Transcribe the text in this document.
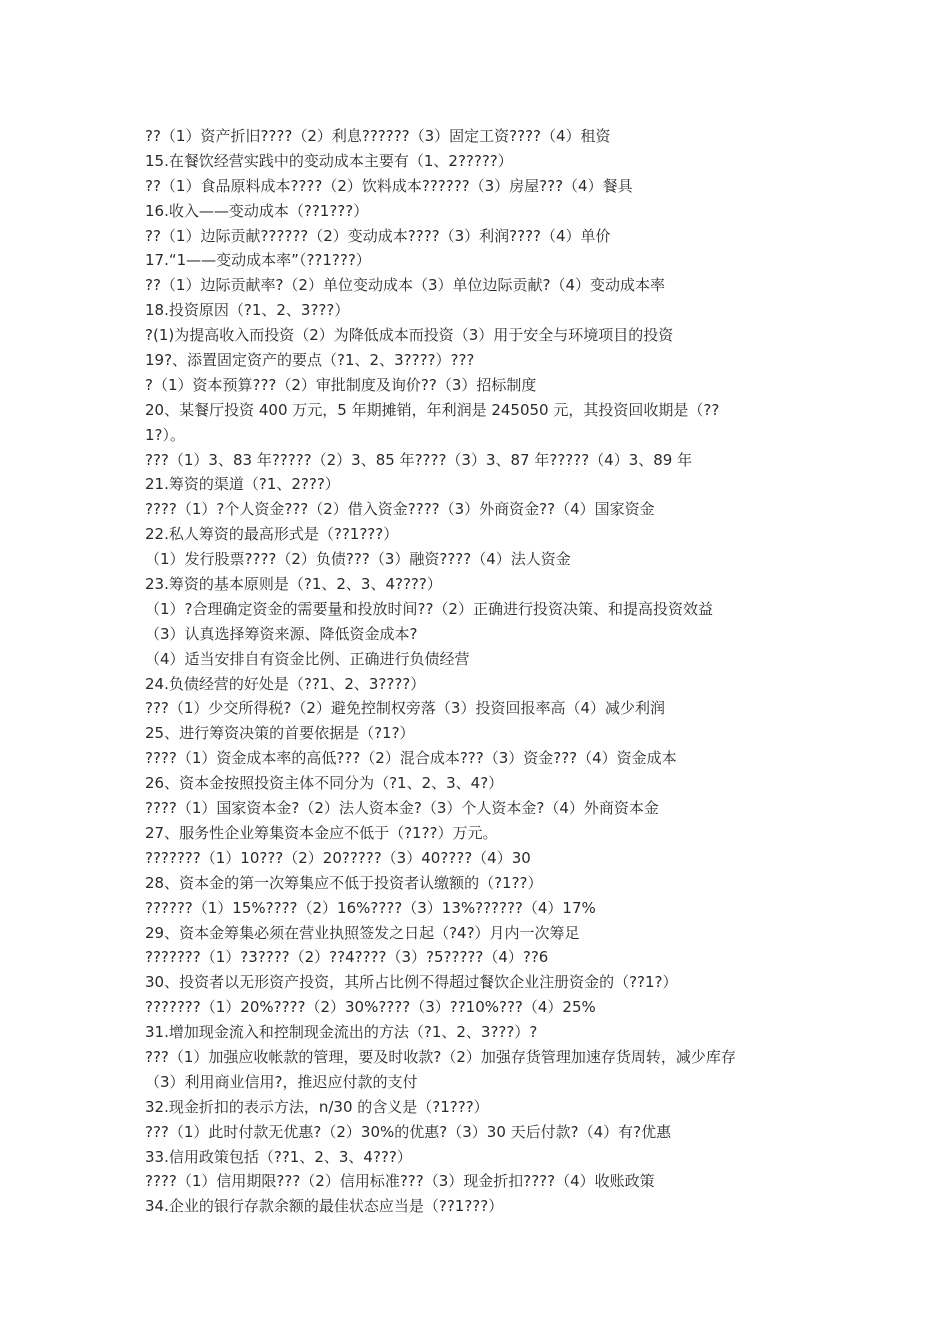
??（1）资产折旧????（2）利息??????（3）固定工资????（4）租资
15.在餐饮经营实践中的变动成本主要有（1、2?????）
??（1）食品原料成本????（2）饮料成本??????（3）房屋???（4）餐具
16.收入——变动成本（??1???）
??（1）边际贡献??????（2）变动成本????（3）利润????（4）单价
17.“1——变动成本率”（??1???）
??（1）边际贡献率?（2）单位变动成本（3）单位边际贡献?（4）变动成本率
18.投资原因（?1、2、3???）
?(1)为提高收入而投资（2）为降低成本而投资（3）用于安全与环境项目的投资
19?、添置固定资产的要点（?1、2、3????）???
?（1）资本预算???（2）审批制度及询价??（3）招标制度
20、某餐厅投资 400 万元，5 年期摊销，年利润是 245050 元，其投资回收期是（??
1?）。
???（1）3、83 年?????（2）3、85 年????（3）3、87 年?????（4）3、89 年
21.筹资的渠道（?1、2???）
????（1）?个人资金???（2）借入资金????（3）外商资金??（4）国家资金
22.私人筹资的最高形式是（??1???）
（1）发行股票????（2）负债???（3）融资????（4）法人资金
23.筹资的基本原则是（?1、2、3、4????）
（1）?合理确定资金的需要量和投放时间??（2）正确进行投资决策、和提高投资效益
（3）认真选择筹资来源、降低资金成本?
（4）适当安排自有资金比例、正确进行负债经营
24.负债经营的好处是（??1、2、3????）
???（1）少交所得税?（2）避免控制权旁落（3）投资回报率高（4）减少利润
25、进行筹资决策的首要依据是（?1?）
????（1）资金成本率的高低???（2）混合成本???（3）资金???（4）资金成本
26、资本金按照投资主体不同分为（?1、2、3、4?）
????（1）国家资本金?（2）法人资本金?（3）个人资本金?（4）外商资本金
27、服务性企业筹集资本金应不低于（?1??）万元。
???????（1）10???（2）20?????（3）40????（4）30
28、资本金的第一次筹集应不低于投资者认缴额的（?1??）
??????（1）15%????（2）16%????（3）13%??????（4）17%
29、资本金筹集必须在营业执照签发之日起（?4?）月内一次筹足
???????（1）?3????（2）??4????（3）?5?????（4）??6
30、投资者以无形资产投资，其所占比例不得超过餐饮企业注册资金的（??1?）
???????（1）20%????（2）30%????（3）??10%???（4）25%
31.增加现金流入和控制现金流出的方法（?1、2、3???）?
???（1）加强应收帐款的管理，要及时收款?（2）加强存货管理加速存货周转，减少库存
（3）利用商业信用?，推迟应付款的支付
32.现金折扣的表示方法，n/30 的含义是（?1???）
???（1）此时付款无优惠?（2）30%的优惠?（3）30 天后付款?（4）有?优惠
33.信用政策包括（??1、2、3、4???）
????（1）信用期限???（2）信用标准???（3）现金折扣????（4）收账政策
34.企业的银行存款余额的最佳状态应当是（??1???）
